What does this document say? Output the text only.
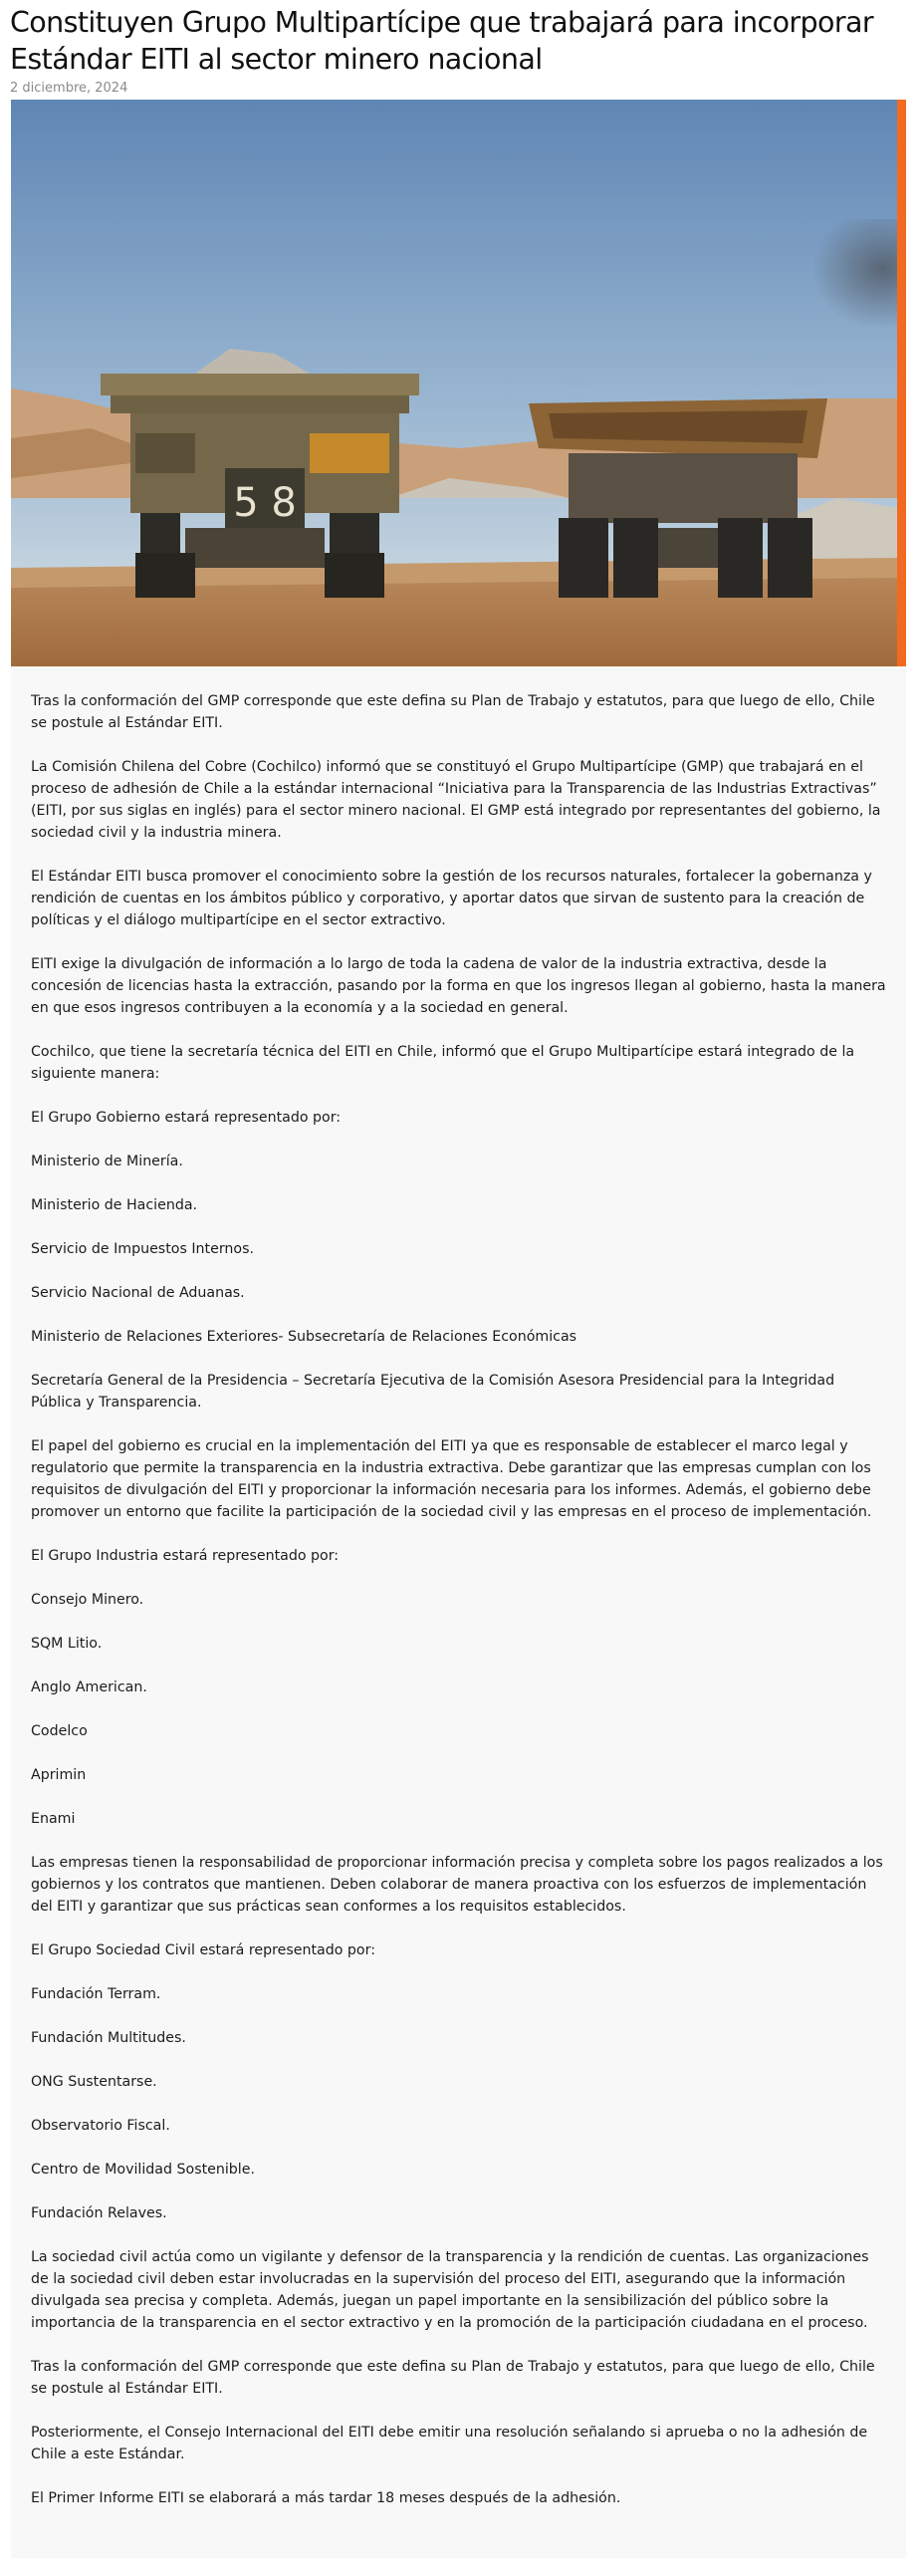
Constituyen Grupo Multipartícipe que trabajará para incorporar Estándar EITI al sector minero nacional
2 diciembre, 2024
5 8

Tras la conformación del GMP corresponde que este defina su Plan de Trabajo y estatutos, para que luego de ello, Chile se postule al Estándar EITI.

La Comisión Chilena del Cobre (Cochilco) informó que se constituyó el Grupo Multipartícipe (GMP) que trabajará en el proceso de adhesión de Chile a la estándar internacional “Iniciativa para la Transparencia de las Industrias Extractivas” (EITI, por sus siglas en inglés) para el sector minero nacional. El GMP está integrado por representantes del gobierno, la sociedad civil y la industria minera.

El Estándar EITI busca promover el conocimiento sobre la gestión de los recursos naturales, fortalecer la gobernanza y rendición de cuentas en los ámbitos público y corporativo, y aportar datos que sirvan de sustento para la creación de políticas y el diálogo multipartícipe en el sector extractivo.

EITI exige la divulgación de información a lo largo de toda la cadena de valor de la industria extractiva, desde la concesión de licencias hasta la extracción, pasando por la forma en que los ingresos llegan al gobierno, hasta la manera en que esos ingresos contribuyen a la economía y a la sociedad en general.

Cochilco, que tiene la secretaría técnica del EITI en Chile, informó que el Grupo Multipartícipe estará integrado de la siguiente manera:

El Grupo Gobierno estará representado por:

Ministerio de Minería.

Ministerio de Hacienda.

Servicio de Impuestos Internos.

Servicio Nacional de Aduanas.

Ministerio de Relaciones Exteriores- Subsecretaría de Relaciones Económicas

Secretaría General de la Presidencia – Secretaría Ejecutiva de la Comisión Asesora Presidencial para la Integridad Pública y Transparencia.

El papel del gobierno es crucial en la implementación del EITI ya que es responsable de establecer el marco legal y regulatorio que permite la transparencia en la industria extractiva. Debe garantizar que las empresas cumplan con los requisitos de divulgación del EITI y proporcionar la información necesaria para los informes. Además, el gobierno debe promover un entorno que facilite la participación de la sociedad civil y las empresas en el proceso de implementación.

El Grupo Industria estará representado por:

Consejo Minero.

SQM Litio.

Anglo American.

Codelco

Aprimin

Enami

Las empresas tienen la responsabilidad de proporcionar información precisa y completa sobre los pagos realizados a los gobiernos y los contratos que mantienen. Deben colaborar de manera proactiva con los esfuerzos de implementación del EITI y garantizar que sus prácticas sean conformes a los requisitos establecidos.

El Grupo Sociedad Civil estará representado por:

Fundación Terram.

Fundación Multitudes.

ONG Sustentarse.

Observatorio Fiscal.

Centro de Movilidad Sostenible.

Fundación Relaves.

La sociedad civil actúa como un vigilante y defensor de la transparencia y la rendición de cuentas. Las organizaciones de la sociedad civil deben estar involucradas en la supervisión del proceso del EITI, asegurando que la información divulgada sea precisa y completa. Además, juegan un papel importante en la sensibilización del público sobre la importancia de la transparencia en el sector extractivo y en la promoción de la participación ciudadana en el proceso.

Tras la conformación del GMP corresponde que este defina su Plan de Trabajo y estatutos, para que luego de ello, Chile se postule al Estándar EITI.

Posteriormente, el Consejo Internacional del EITI debe emitir una resolución señalando si aprueba o no la adhesión de Chile a este Estándar.

El Primer Informe EITI se elaborará a más tardar 18 meses después de la adhesión.
